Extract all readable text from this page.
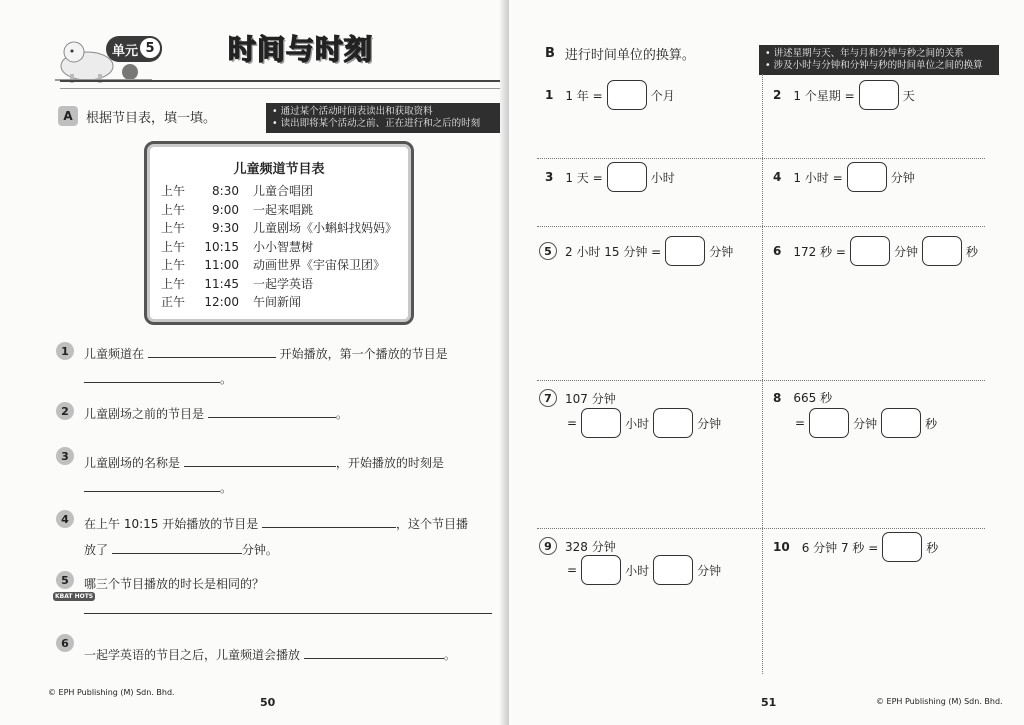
单元 5	时间与时刻
A	根据节目表，填一填。	• 通过某个活动时间表读出和获取资料
• 读出即将某个活动之前、正在进行和之后的时刻
儿童频道节目表
上午	8:30 儿童合唱团
上午	9:00 一起来唱跳
上午	9:30 儿童剧场《小蝌蚪找妈妈》
上午	10:15 小小智慧树
上午	11:00 动画世界《宇宙保卫团》
上午	11:45 一起学英语
正午	12:00 午间新闻
1	儿童频道在	开始播放，第一个播放的节目是
。
2	儿童剧场之前的节目是	。
3	儿童剧场的名称是	，开始播放的时刻是
。
4	在上午 10:15 开始播放的节目是	，这个节目播
放了	分钟。
5	哪三个节目播放的时长是相同的？
KBAT HOTS
6
一起学英语的节目之后，儿童频道会播放	。
© EPH Publishing (M) Sdn. Bhd.
50
B 进行时间单位的换算。	• 讲述星期与天、年与月和分钟与秒之间的关系
• 涉及小时与分钟和分钟与秒的时间单位之间的换算
1 1 年 =	个月	2 1 个星期 =	天
3 1 天 =	小时	4 1 小时 =	分钟
5	2 小时 15 分钟 =	分钟	6 172 秒 =	分钟	秒
7	107 分钟
=	小时	分钟
8 665 秒
=	分钟	秒
9	328 分钟
=	小时	分钟
10 6 分钟 7 秒 =	秒
51	© EPH Publishing (M) Sdn. Bhd.
